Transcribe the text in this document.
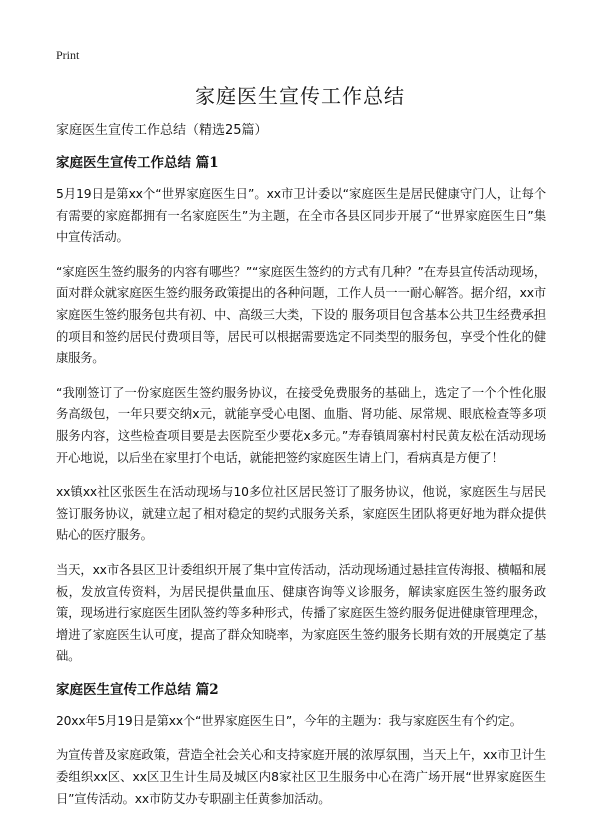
Print
家庭医生宣传工作总结
家庭医生宣传工作总结（精选25篇）
家庭医生宣传工作总结 篇1

5月19日是第xx个“世界家庭医生日”。xx市卫计委以“家庭医生是居民健康守门人，让每个有需要的家庭都拥有一名家庭医生”为主题，在全市各县区同步开展了“世界家庭医生日”集中宣传活动。

“家庭医生签约服务的内容有哪些？”“家庭医生签约的方式有几种？”在寿县宣传活动现场，面对群众就家庭医生签约服务政策提出的各种问题，工作人员一一耐心解答。据介绍，xx市家庭医生签约服务包共有初、中、高级三大类，下设的 服务项目包含基本公共卫生经费承担的项目和签约居民付费项目等，居民可以根据需要选定不同类型的服务包，享受个性化的健康服务。

“我刚签订了一份家庭医生签约服务协议，在接受免费服务的基础上，选定了一个个性化服务高级包，一年只要交纳x元，就能享受心电图、血脂、肾功能、尿常规、眼底检查等多项服务内容，这些检查项目要是去医院至少要花x多元。”寿春镇周寨村村民黄友松在活动现场开心地说，以后坐在家里打个电话，就能把签约家庭医生请上门，看病真是方便了！

xx镇xx社区张医生在活动现场与10多位社区居民签订了服务协议，他说，家庭医生与居民签订服务协议，就建立起了相对稳定的契约式服务关系，家庭医生团队将更好地为群众提供贴心的医疗服务。

当天，xx市各县区卫计委组织开展了集中宣传活动，活动现场通过悬挂宣传海报、横幅和展板，发放宣传资料，为居民提供量血压、健康咨询等义诊服务，解读家庭医生签约服务政策，现场进行家庭医生团队签约等多种形式，传播了家庭医生签约服务促进健康管理理念，增进了家庭医生认可度，提高了群众知晓率，为家庭医生签约服务长期有效的开展奠定了基础。

家庭医生宣传工作总结 篇2

20xx年5月19日是第xx个“世界家庭医生日”，今年的主题为：我与家庭医生有个约定。

为宣传普及家庭政策，营造全社会关心和支持家庭开展的浓厚氛围，当天上午，xx市卫计生委组织xx区、xx区卫生计生局及城区内8家社区卫生服务中心在湾广场开展“世界家庭医生日”宣传活动。xx市防艾办专职副主任黄参加活动。
